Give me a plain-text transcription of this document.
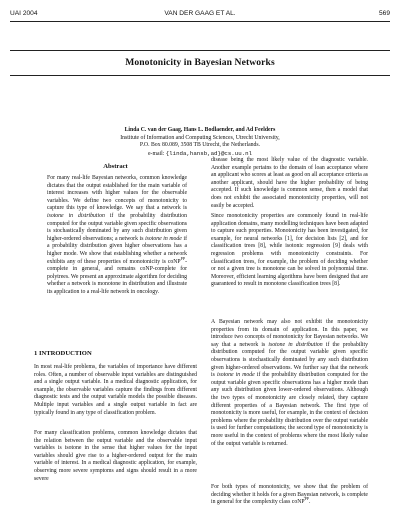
UAI 2004	VAN DER GAAG ET AL.	569
Monotonicity in Bayesian Networks
Linda C. van der Gaag, Hans L. Bodlaender, and Ad Feelders
Institute of Information and Computing Sciences, Utrecht University,
P.O. Box 80.089, 3508 TB Utrecht, the Netherlands.
e-mail: {linda,hansb,ad}@cs.uu.nl
Abstract

For many real-life Bayesian networks, common knowledge dictates that the output established for the main variable of interest increases with higher values for the observable variables. We define two concepts of monotonicity to capture this type of knowledge. We say that a network is isotone in distribution if the probability distribution computed for the output variable given specific observations is stochastically dominated by any such distribution given higher-ordered observations; a network is isotone in mode if a probability distribution given higher observations has a higher mode. We show that establishing whether a network exhibits any of these properties of monotonicity is coNP$^{PP}$-complete in general, and remains coNP-complete for polytrees. We present an approximate algorithm for deciding whether a network is monotone in distribution and illustrate its application to a real-life network in oncology.

1 INTRODUCTION

In most real-life problems, the variables of importance have different roles. Often, a number of observable input variables are distinguished and a single output variable. In a medical diagnostic application, for example, the observable variables capture the findings from different diagnostic tests and the output variable models the possible diseases. Multiple input variables and a single output variable in fact are typically found in any type of classification problem.

For many classification problems, common knowledge dictates that the relation between the output variable and the observable input variables is isotone in the sense that higher values for the input variables should give rise to a higher-ordered output for the main variable of interest. In a medical diagnostic application, for example, observing more severe symptoms and signs should result in a more severe

disease being the most likely value of the diagnostic variable. Another example pertains to the domain of loan acceptance where an applicant who scores at least as good on all acceptance criteria as another applicant, should have the higher probability of being accepted. If such knowledge is common sense, then a model that does not exhibit the associated monotonicity properties, will not easily be accepted.

Since monotonicity properties are commonly found in real-life application domains, many modelling techniques have been adapted to capture such properties. Monotonicity has been investigated, for example, for neural networks [1], for decision lists [2], and for classification trees [8], while isotonic regression [9] deals with regression problems with monotonicity constraints. For classification trees, for example, the problem of deciding whether or not a given tree is monotone can be solved in polynomial time. Moreover, efficient learning algorithms have been designed that are guaranteed to result in monotone classification trees [8].

A Bayesian network may also not exhibit the monotonicity properties from its domain of application. In this paper, we introduce two concepts of monotonicity for Bayesian networks. We say that a network is isotone in distribution if the probability distribution computed for the output variable given specific observations is stochastically dominated by any such distribution given higher-ordered observations. We further say that the network is isotone in mode if the probability distribution computed for the output variable given specific observations has a higher mode than any such distribution given lower-ordered observations. Although the two types of monotonicity are closely related, they capture different properties of a Bayesian network. The first type of monotonicity is more useful, for example, in the context of decision problems where the probability distribution over the output variable is used for further computations; the second type of monotonicity is more useful in the context of problems where the most likely value of the output variable is returned.

For both types of monotonicity, we show that the problem of deciding whether it holds for a given Bayesian network, is complete in general for the complexity class coNP$^{PP}$.
